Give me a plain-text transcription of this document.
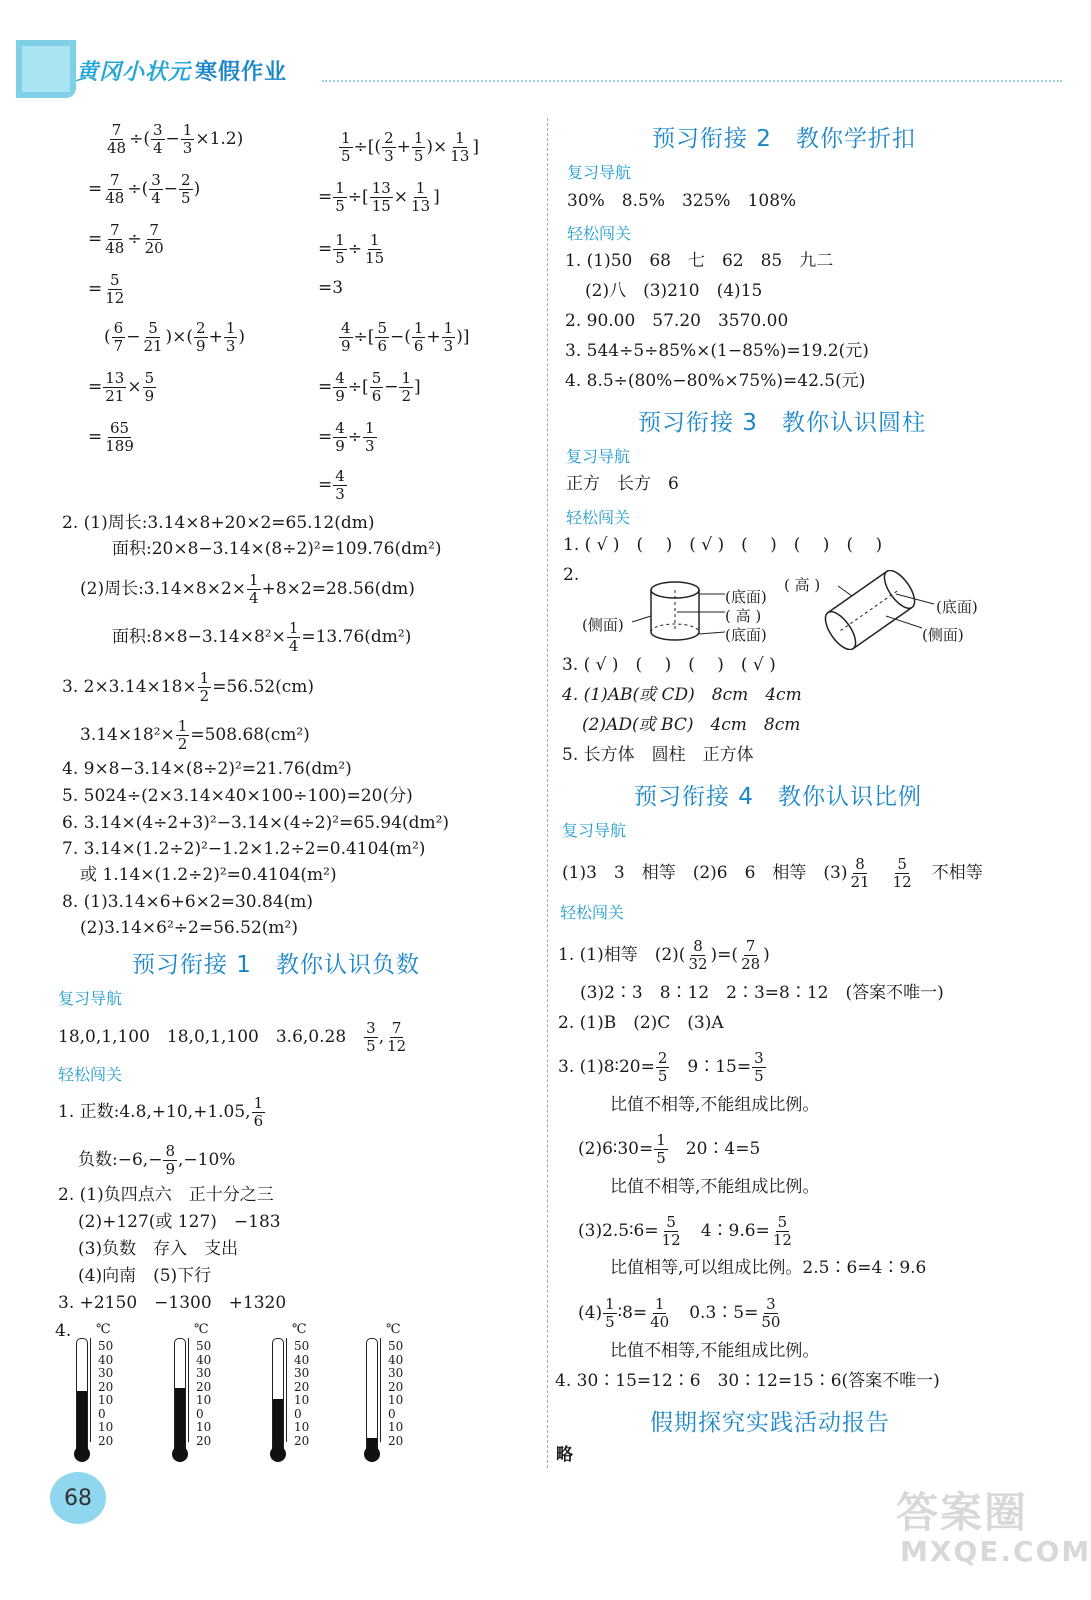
黄冈小状元 寒假作业
$\frac{7}{48}$ ÷( $\frac{3}{4} - \frac{1}{3} \times 1.2$)
= $\frac{7}{48}$ ÷( $\frac{3}{4} - \frac{2}{5}$ )
= $\frac{7}{48} \div \frac{7}{20}$
= $\frac{5}{12}$
$\frac{1}{5}$ ÷[( $\frac{2}{3} + \frac{1}{5}$ )× $\frac{1}{13}$ ]
= $\frac{1}{5}$ ÷[ $\frac{13}{15} \times \frac{1}{13}$ ]
= $\frac{1}{5} \div \frac{1}{15}$
=3
( $\frac{6}{7} - \frac{5}{21}$ )×( $\frac{2}{9} + \frac{1}{3}$ )
= $\frac{13}{21} \times \frac{5}{9}$
= $\frac{65}{189}$
$\frac{4}{9}$ ÷[ $\frac{5}{6}$ −( $\frac{1}{6} + \frac{1}{3}$ )]
= $\frac{4}{9}$ ÷[ $\frac{5}{6} - \frac{1}{2}$ ]
= $\frac{4}{9} \div \frac{1}{3}$
= $\frac{4}{3}$
2. (1)周长:3.14×8+20×2=65.12(dm)
面积:20×8−3.14×(8÷2)²=109.76(dm²)
(2)周长:3.14×8×2× $\frac{1}{4} +8\times 2=28.56(dm)$
面积:8×8−3.14×8²× $\frac{1}{4} =13.76(dm^2)$
3. $2\times 3.14\times 18\times \frac{1}{2} =56.52(cm)$
$3.14\times 18^2\times \frac{1}{2} =508.68(cm^2)$
4. 9×8−3.14×(8÷2)²=21.76(dm²)
5. 5024÷(2×3.14×40×100÷100)=20(分)
6. 3.14×(4÷2+3)²−3.14×(4÷2)²=65.94(dm²)
7. 3.14×(1.2÷2)²−1.2×1.2÷2=0.4104(m²)
或 1.14×(1.2÷2)²=0.4104(m²)
8. (1)3.14×6+6×2=30.84(m)
(2)3.14×6²÷2=56.52(m²)
预习衔接 1　教你认识负数
复习导航
18,0,1,100　18,0,1,100　3.6,0.28　 $\frac{3}{5}$ , $\frac{7}{12}$
轻松闯关
1. 正数:4.8,+10,+1.05, $\frac{1}{6}$
负数:−6,− $\frac{8}{9} ,-10\%$
2. (1)负四点六　正十分之三
(2)+127(或 127)　−183
(3)负数　存入　支出
(4)向南　(5)下行
3. +2150　−1300　+1320
4. ℃
50
40
30
20
10
0
10
20
℃
50
40
30
20
10
0
10
20
℃
50
40
30
20
10
0
10
20
℃
50
40
30
20
10
0
10
20
68	答案圈
MXQE.COM
预习衔接 2　教你学折扣
复习导航
30%　8.5%　325%　108%
轻松闯关
1. (1)50　68　七　62　85　九二
(2)八　(3)210　(4)15
2. 90.00　57.20　3570.00
3. 544÷5÷85%×(1−85%)=19.2(元)
4. 8.5÷(80%−80%×75%)=42.5(元)
预习衔接 3　教你认识圆柱
复习导航
正方　长方　6
轻松闯关
1. ( √ )　(　 )　( √ )　(　 )　(　 )　(　 )
2.
(侧面)
(底面)
( 高 )
(底面)
( 高 )
(底面)
(侧面)
3. ( √ )　(　 )　(　 )　( √ )
4. (1)AB(或 CD)　8cm　4cm
(2)AD(或 BC)　4cm　8cm
5. 长方体　圆柱　正方体
预习衔接 4　教你认识比例
复习导航
(1)3　3　相等　(2)6　6　相等　$(3) \frac{8}{21}$
　 $\frac{5}{12}$
　 不相等
轻松闯关
1. (1)相等　$(2)( \frac{8}{32}$ )=( $\frac{7}{28}$ )
(3)2∶3　8∶12　2∶3=8∶12　(答案不唯一)
2. (1)B　(2)C　(3)A
3. (1)8∶20= $\frac{2}{5}$ 　9∶15= $\frac{3}{5}$
比值不相等,不能组成比例。
(2)6∶30= $\frac{1}{5}$ 　20∶4=5
比值不相等,不能组成比例。
(3)2.5∶6= $\frac{5}{12}$ 　4∶9.6= $\frac{5}{12}$
比值相等,可以组成比例。2.5∶6=4∶9.6
$(4) \frac{1}{5}$ ∶8= $\frac{1}{40}$ 　0.3∶5= $\frac{3}{50}$
比值不相等,不能组成比例。
4. 30∶15=12∶6　30∶12=15∶6(答案不唯一)
假期探究实践活动报告
略
